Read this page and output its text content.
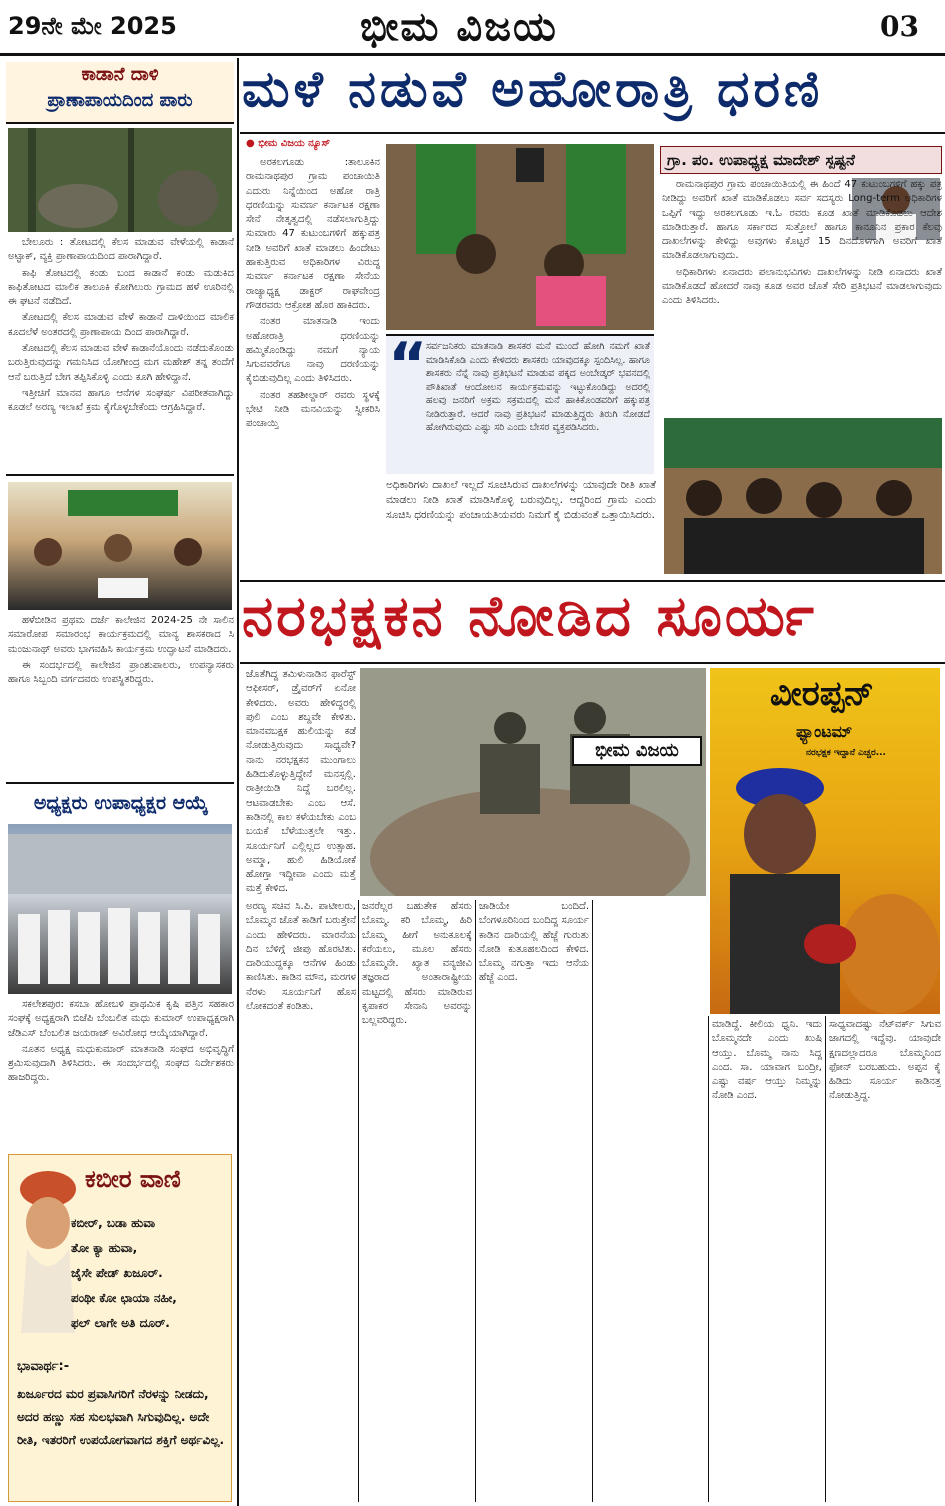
29ನೇ ಮೇ 2025	ಭೀಮ ವಿಜಯ	03
ಕಾಡಾನೆ ದಾಳಿ
ಪ್ರಾಣಾಪಾಯದಿಂದ ಪಾರು

ಬೇಲೂರು : ತೋಟದಲ್ಲಿ ಕೆಲಸ ಮಾಡುವ ವೇಳೆಯಲ್ಲಿ ಕಾಡಾನೆ ಅಟ್ಟಾಕ್, ವ್ಯಕ್ತಿ ಪ್ರಾಣಾಪಾಯದಿಂದ ಪಾರಾಗಿದ್ದಾರೆ.

ಕಾಫಿ ತೋಟದಲ್ಲಿ ಕಂಡು ಬಂದ ಕಾಡಾನೆ ಕಂಡು ಮಡುಕಿದ ಕಾಫಿತೋಟದ ಮಾಲಿಕ ತಾಲೂಕಿ ಕೋಗಿಲುರು ಗ್ರಾಮದ ಹಳೆ ಊರಿನಲ್ಲಿ ಈ ಘಟನೆ ನಡೆದಿದೆ.

ತೋಟದಲ್ಲಿ ಕೆಲಸ ಮಾಡುವ ವೇಳೆ ಕಾಡಾನೆ ದಾಳಿಯಿಂದ ಮಾಲಿಕ ಕೂದಲೆಳೆ ಅಂತರದಲ್ಲಿ ಪ್ರಾಣಾಪಾಯ ದಿಂದ ಪಾರಾಗಿದ್ದಾರೆ.

ತೋಟದಲ್ಲಿ ಕೆಲಸ ಮಾಡುವ ವೇಳೆ ಕಾಡಾನೆಯೊಂದು ನಡೆದುಕೊಂಡು ಬರುತ್ತಿರುವುದನ್ನು ಗಮನಿಸಿದ ಯೋಗೀಂದ್ರ ಮಗ ಮಹೇಶ್ ತನ್ನ ತಂದೆಗೆ ಆನೆ ಬರುತ್ತಿದೆ ಬೇಗ ತಪ್ಪಿಸಿಕೊಳ್ಳಿ ಎಂದು ಕೂಗಿ ಹೇಳಿದ್ದಾನೆ.

ಇತ್ತೀಚಿಗೆ ಮಾನವ ಹಾಗೂ ಆನೆಗಳ ಸಂಘರ್ಷ ವಿಪರೀತವಾಗಿದ್ದು ಕೂಡಲೆ ಅರಣ್ಯ ಇಲಾಖೆ ಕ್ರಮ ಕೈಗೊಳ್ಳಬೇಕೆಂದು ಆಗ್ರಹಿಸಿದ್ದಾರೆ.

ಹಳೆಬೀಡಿನ ಪ್ರಥಮ ದರ್ಜೆ ಕಾಲೇಜಿನ 2024-25 ನೇ ಸಾಲಿನ ಸಮಾರೋಪ ಸಮಾರಂಭ ಕಾರ್ಯಕ್ರಮದಲ್ಲಿ ಮಾನ್ಯ ಶಾಸಕರಾದ ಸಿ ಮಂಜುನಾಥ್ ಅವರು ಭಾಗವಹಿಸಿ ಕಾರ್ಯಕ್ರಮ ಉದ್ಘಾಟನೆ ಮಾಡಿದರು.

ಈ ಸಂದರ್ಭದಲ್ಲಿ ಕಾಲೇಜಿನ ಪ್ರಾಂಶುಪಾಲರು, ಉಪನ್ಯಾಸಕರು ಹಾಗೂ ಸಿಬ್ಬಂದಿ ವರ್ಗದವರು ಉಪಸ್ಥಿತರಿದ್ದರು.

ಅಧ್ಯಕ್ಷರು ಉಪಾಧ್ಯಕ್ಷರ ಆಯ್ಕೆ

ಸಕಲೇಶಪುರ: ಕಸಬಾ ಹೋಬಳಿ ಪ್ರಾಥಮಿಕ ಕೃಷಿ ಪತ್ತಿನ ಸಹಕಾರ ಸಂಘಕ್ಕೆ ಅಧ್ಯಕ್ಷರಾಗಿ ಬಿಜೆಪಿ ಬೆಂಬಲಿತ ಮಧು ಕುಮಾರ್ ಉಪಾಧ್ಯಕ್ಷರಾಗಿ ಜೆಡಿಎಸ್ ಬೆಂಬಲಿತ ಜಯರಾಜ್ ಅವಿರೋಧ ಆಯ್ಕೆಯಾಗಿದ್ದಾರೆ.

ನೂತನ ಅಧ್ಯಕ್ಷ ಮಧುಕುಮಾರ್ ಮಾತನಾಡಿ ಸಂಘದ ಅಭಿವೃದ್ಧಿಗೆ ಶ್ರಮಿಸುವುದಾಗಿ ತಿಳಿಸಿದರು. ಈ ಸಂದರ್ಭದಲ್ಲಿ ಸಂಘದ ನಿರ್ದೇಶಕರು ಹಾಜರಿದ್ದರು.

ಕಬೀರ ವಾಣಿ
ಕಬೀರ್, ಬಡಾ ಹುವಾ
ತೋ ಕ್ಯಾ ಹುವಾ,
ಜೈಸೇ ಪೇಡ್ ಖಜೂರ್.
ಪಂಥೀ ಕೋ ಛಾಯಾ ನಹೀ,
ಫಲ್ ಲಾಗೇ ಅತಿ ದೂರ್.
ಭಾವಾರ್ಥ:-
ಖರ್ಜೂರದ ಮರ ಪ್ರವಾಸಿಗರಿಗೆ ನೆರಳನ್ನು ನೀಡದು, ಅದರ ಹಣ್ಣು ಸಹ ಸುಲಭವಾಗಿ ಸಿಗುವುದಿಲ್ಲ. ಅದೇ ರೀತಿ, ಇತರರಿಗೆ ಉಪಯೋಗವಾಗದ ಶಕ್ತಿಗೆ ಅರ್ಥವಿಲ್ಲ.
ಮಳೆ ನಡುವೆ ಅಹೋರಾತ್ರಿ ಧರಣಿ
● ಭೀಮ ವಿಜಯ ನ್ಯೂಸ್

ಅರಕಲಗೂಡು :ತಾಲೂಕಿನ ರಾಮನಾಥಪುರ ಗ್ರಾಮ ಪಂಚಾಯಿತಿ ಎದುರು ನಿನ್ನೆಯಿಂದ ಅಹೋ ರಾತ್ರಿ ಧರಣಿಯನ್ನು ಸುವರ್ಣ ಕರ್ನಾಟಕ ರಕ್ಷಣಾ ಸೇನೆ ನೇತೃತ್ವದಲ್ಲಿ ನಡೆಸಲಾಗುತ್ತಿದ್ದು ಸುಮಾರು 47 ಕುಟುಂಬಗಳಿಗೆ ಹಕ್ಕುಪತ್ರ ನೀಡಿ ಅವರಿಗೆ ಖಾತೆ ಮಾಡಲು ಹಿಂದೇಟು ಹಾಕುತ್ತಿರುವ ಅಧಿಕಾರಿಗಳ ವಿರುದ್ಧ ಸುವರ್ಣ ಕರ್ನಾಟಕ ರಕ್ಷಣಾ ಸೇನೆಯ ರಾಜ್ಯಾಧ್ಯಕ್ಷ ಡಾಕ್ಟರ್ ರಾಘವೇಂದ್ರ ಗೌಡರವರು ಆಕ್ರೋಶ ಹೊರ ಹಾಕಿದರು.

ನಂತರ ಮಾತನಾಡಿ ಇಂದು ಅಹೋರಾತ್ರಿ ಧರಣಿಯನ್ನು ಹಮ್ಮಿಕೊಂಡಿದ್ದು ನಮಗೆ ನ್ಯಾಯ ಸಿಗುವವರೆಗೂ ನಾವು ದರಣಿಯನ್ನು ಕೈಬಿಡುವುದಿಲ್ಲ ಎಂದು ತಿಳಿಸಿದರು.

ನಂತರ ತಹಶೀಲ್ದಾರ್ ರವರು ಸ್ಥಳಕ್ಕೆ ಭೇಟಿ ನೀಡಿ ಮನವಿಯನ್ನು ಸ್ವೀಕರಿಸಿ ಪಂಚಾಯ್ತಿ

“
ಸರ್ವಜನಿಕರು ಮಾತನಾಡಿ ಶಾಸಕರ ಮನೆ ಮುಂದೆ ಹೋಗಿ ನಮಗೆ ಖಾತೆ ಮಾಡಿಸಿಕೊಡಿ ಎಂದು ಕೇಳಿದರು ಶಾಸಕರು ಯಾವುದಕ್ಕೂ ಸ್ಪಂದಿಸಿಲ್ಲ. ಹಾಗೂ ಶಾಸಕರು ನೆನ್ನೆ ನಾವು ಪ್ರತಿಭಟನೆ ಮಾಡುವ ಪಕ್ಕದ ಅಂಬೇಡ್ಕರ್ ಭವನದಲ್ಲಿ ಪೌತಿಖಾತೆ ಆಂದೋಲನ ಕಾರ್ಯಕ್ರಮವನ್ನು ಇಟ್ಟುಕೊಂಡಿದ್ದು ಅದರಲ್ಲಿ ಹಲವು ಜನರಿಗೆ ಅಕ್ರಮ ಸಕ್ರಮದಲ್ಲಿ ಮನೆ ಹಾಕಿಕೊಂಡವರಿಗೆ ಹಕ್ಕುಪತ್ರ ನೀಡಿರುತ್ತಾರೆ. ಆದರೆ ನಾವು ಪ್ರತಿಭಟನೆ ಮಾಡುತ್ತಿದ್ದರು ತಿರುಗಿ ನೋಡದೆ ಹೋಗಿರುವುದು ಎಷ್ಟು ಸರಿ ಎಂದು ಬೇಸರ ವ್ಯಕ್ತಪಡಿಸಿದರು.
ಅಧಿಕಾರಿಗಳು ದಾಖಲೆ ಇಲ್ಲದೆ ಸೂಚಿಸಿರುವ ದಾಖಲೆಗಳನ್ನು ಯಾವುದೇ ರೀತಿ ಖಾತೆ ಮಾಡಲು ನೀಡಿ ಖಾತೆ ಮಾಡಿಸಿಕೊಳ್ಳಿ ಬರುವುದಿಲ್ಲ. ಆದ್ದರಿಂದ ಗ್ರಾಮ ಎಂದು ಸೂಚಿಸಿ ಧರಣಿಯನ್ನು ಪಂಚಾಯತಿಯವರು ನಿಮಗೆ ಕೈ ಬಿಡುವಂತೆ ಒತ್ತಾಯಿಸಿದರು.
ಗ್ರಾ. ಪಂ. ಉಪಾಧ್ಯಕ್ಷ ಮಾದೇಶ್ ಸ್ಪಷ್ಟನೆ

ರಾಮನಾಥಪುರ ಗ್ರಾಮ ಪಂಚಾಯಿತಿಯಲ್ಲಿ ಈ ಹಿಂದೆ 47 ಕುಟುಂಬಗಳಿಗೆ ಹಕ್ಕು ಪತ್ರ ನೀಡಿದ್ದು ಅವರಿಗೆ ಖಾತೆ ಮಾಡಿಕೊಡಲು ಸರ್ವ ಸದಸ್ಯರು Long-term ಅಧಿಕಾರಿಗಳ ಒಪ್ಪಿಗೆ ಇದ್ದು ಅರಕಲಗೂಡು ಇ.ಓ ರವರು ಕೂಡ ಖಾತೆ ಮಾಡಿಕೊಡಲು ಆದೇಶ ಮಾಡಿರುತ್ತಾರೆ. ಹಾಗೂ ಸರ್ಕಾರದ ಸುತ್ತೋಲೆ ಹಾಗೂ ಕಾನೂನಿನ ಪ್ರಕಾರ ಕೆಲವು ದಾಖಲೆಗಳನ್ನು ಕೇಳಿದ್ದು ಅವುಗಳು ಕೊಟ್ಟರೆ 15 ದಿನದೊಳಗಾಗಿ ಅವರಿಗೆ ಖಾತೆ ಮಾಡಿಕೊಡಲಾಗುವುದು.

ಅಧಿಕಾರಿಗಳು ಏನಾದರು ಪಲಾನುಭವಿಗಳು ದಾಖಲೆಗಳನ್ನು ನೀಡಿ ಏನಾದರು ಖಾತೆ ಮಾಡಿಕೊಡದೆ ಹೋದರೆ ನಾವು ಕೂಡ ಅವರ ಜೊತೆ ಸೇರಿ ಪ್ರತಿಭಟನೆ ಮಾಡಲಾಗುವುದು ಎಂದು ತಿಳಿಸಿದರು.

ನರಭಕ್ಷಕನ ನೋಡಿದ ಸೂರ್ಯ
ಜೊತೆಗಿದ್ದ ತಮಿಳುನಾಡಿನ ಫಾರೆಸ್ಟ್ ಆಫೀಸರ್, ಡ್ರೈವರ್‌ಗೆ ಏನೋ ಕೇಳಿದರು. ಅವರು ಹೇಳಿದ್ದರಲ್ಲಿ ಪುಲಿ ಎಂಬ ಶಬ್ದವೇ ಕೇಳಿತು. ಮಾನವಬಕ್ಷಕ ಹುಲಿಯನ್ನು ಕಡೆ ನೋಡುತ್ತಿರುವುದು ಸಾಧ್ಯವೇ? ನಾನು ನರಭಕ್ಷಕನ ಮುಂಗಾಲು ಹಿಡಿದುಕೊಳ್ಳುತ್ತಿದ್ದೇನೆ ಮನಸ್ಸಲ್ಲಿ. ರಾತ್ರೀಯಿಡಿ ನಿದ್ದೆ ಬರಲಿಲ್ಲ. ಆಟವಾಡಬೇಕು ಎಂಬ ಆಸೆ. ಕಾಡಿನಲ್ಲಿ ಕಾಲ ಕಳೆಯಬೇಕು ಎಂಬ ಬಯಕೆ ಬೆಳೆಯುತ್ತಲೇ ಇತ್ತು. ಸೂರ್ಯನಿಗೆ ಎಲ್ಲಿಲ್ಲದ ಉತ್ಸಾಹ. ಅಮ್ಮಾ, ಹುಲಿ ಹಿಡಿಯೋಕೆ ಹೋಗ್ತಾ ಇದ್ದೀವಾ ಎಂದು ಮತ್ತೆ ಮತ್ತೆ ಕೇಳಿದ.
ಭೀಮ ವಿಜಯ
ವೀರಪ್ಪನ್
ಫ್ಯಾಂಟಮ್
ನರಭಕ್ಷಕ ಇದ್ದಾನೆ ಎಚ್ಚರ...
ಅರಣ್ಯ ಸಚಿವ ಸಿ.ಪಿ. ಪಾಟೀಲರು, ಬೊಮ್ಮನ ಜೊತೆ ಕಾಡಿಗೆ ಬರುತ್ತೇನೆ ಎಂದು ಹೇಳಿದರು. ಮಾರನೆಯ ದಿನ ಬೆಳಿಗ್ಗೆ ಜೀಪು ಹೊರಟಿತು. ದಾರಿಯುದ್ದಕ್ಕೂ ಆನೆಗಳ ಹಿಂಡು ಕಾಣಿಸಿತು. ಕಾಡಿನ ಮೌನ, ಮರಗಳ ನೆರಳು ಸೂರ್ಯನಿಗೆ ಹೊಸ ಲೋಕದಂತೆ ಕಂಡಿತು.
ಜನರೆಲ್ಲರ ಬಹುತೇಕ ಹೆಸರು ಬೊಮ್ಮ. ಕರಿ ಬೊಮ್ಮ, ಹಿರಿ ಬೊಮ್ಮ ಹೀಗೆ ಅನುಕೂಲಕ್ಕೆ ಕರೆಯಲು, ಮೂಲ ಹೆಸರು ಬೊಮ್ಮನೇ. ಖ್ಯಾತ ವನ್ಯಜೀವಿ ತಜ್ಞರಾದ ಅಂತಾರಾಷ್ಟ್ರೀಯ ಮಟ್ಟದಲ್ಲಿ ಹೆಸರು ಮಾಡಿರುವ ಕೃಪಾಕರ ಸೇನಾನಿ ಅವರನ್ನು ಬಲ್ಲವರಿದ್ದರು.
ಜಾಡಿಯೇ ಬಂದಿದೆ. ಬೆಂಗಳೂರಿನಿಂದ ಬಂದಿದ್ದ ಸೂರ್ಯ ಕಾಡಿನ ದಾರಿಯಲ್ಲಿ ಹೆಜ್ಜೆ ಗುರುತು ನೋಡಿ ಕುತೂಹಲದಿಂದ ಕೇಳಿದ. ಬೊಮ್ಮ ನಗುತ್ತಾ ಇದು ಆನೆಯ ಹೆಜ್ಜೆ ಎಂದ.
ಮಾಡಿದ್ದೆ. ಕೀಲಿಯ ಧ್ವನಿ. ಇದು ಬೊಮ್ಮನದೇ ಎಂದು ಖುಷಿ ಆಯ್ತು. ಬೊಮ್ಮ ನಾನು ಸಿದ್ದ ಎಂದ. ಸಾ. ಯಾವಾಗ ಬಂದ್ರೀ, ಎಷ್ಟು ವರ್ಷ ಆಯ್ತು ನಿಮ್ಮನ್ನು ನೋಡಿ ಎಂದ.
ಸಾಧ್ಯವಾದಷ್ಟು ನೆಟ್‌ವರ್ಕ್ ಸಿಗುವ ಜಾಗದಲ್ಲಿ ಇದ್ದೆವು. ಯಾವುದೇ ಕ್ಷಣದಲ್ಲಾದರೂ ಬೊಮ್ಮನಿಂದ ಫೋನ್ ಬರಬಹುದು. ಅಪ್ಪನ ಕೈ ಹಿಡಿದು ಸೂರ್ಯ ಕಾಡಿನತ್ತ ನೋಡುತ್ತಿದ್ದ.
